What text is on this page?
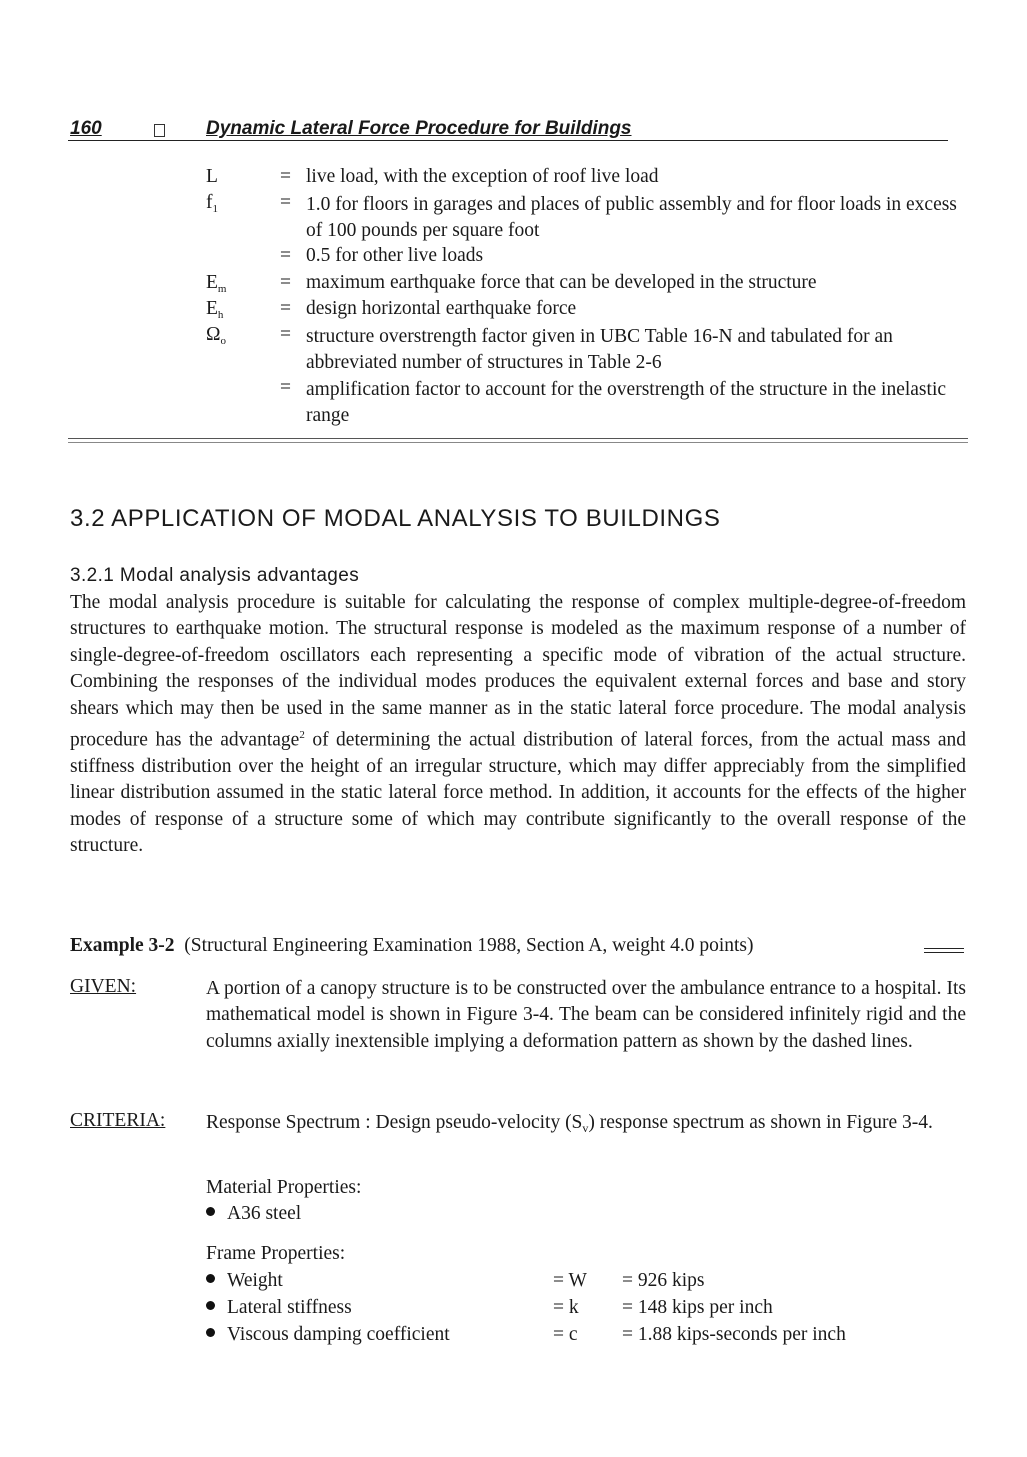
160	Dynamic Lateral Force Procedure for Buildings
L	= live load, with the exception of roof live load
$f_1$	= 1.0 for floors in garages and places of public assembly and for floor loads in excess of 100 pounds per square foot
= 0.5 for other live loads
$E_m$	= maximum earthquake force that can be developed in the structure
$E_h$	= design horizontal earthquake force
$\Omega_o$	= structure overstrength factor given in UBC Table 16-N and tabulated for an abbreviated number of structures in Table 2-6
= amplification factor to account for the overstrength of the structure in the inelastic range
3.2 APPLICATION OF MODAL ANALYSIS TO BUILDINGS
3.2.1 Modal analysis advantages
The modal analysis procedure is suitable for calculating the response of complex multiple-degree-of-freedom structures to earthquake motion. The structural response is modeled as the maximum response of a number of single-degree-of-freedom oscillators each representing a specific mode of vibration of the actual structure. Combining the responses of the individual modes produces the equivalent external forces and base and story shears which may then be used in the same manner as in the static lateral force procedure. The modal analysis procedure has the advantage$^2$ of determining the actual distribution of lateral forces, from the actual mass and stiffness distribution over the height of an irregular structure, which may differ appreciably from the simplified linear distribution assumed in the static lateral force method. In addition, it accounts for the effects of the higher modes of response of a structure some of which may contribute significantly to the overall response of the structure.
Example 3-2 (Structural Engineering Examination 1988, Section A, weight 4.0 points)
GIVEN:	A portion of a canopy structure is to be constructed over the ambulance entrance to a hospital. Its mathematical model is shown in Figure 3-4. The beam can be considered infinitely rigid and the columns axially inextensible implying a deformation pattern as shown by the dashed lines.
CRITERIA: Response Spectrum : Design pseudo-velocity $(S_v)$ response spectrum as shown in Figure 3-4.
Material Properties:
A36 steel
Frame Properties:
Weight	= W = 926 kips
Lateral stiffness	= k = 148 kips per inch
Viscous damping coefficient	= c = 1.88 kips-seconds per inch
